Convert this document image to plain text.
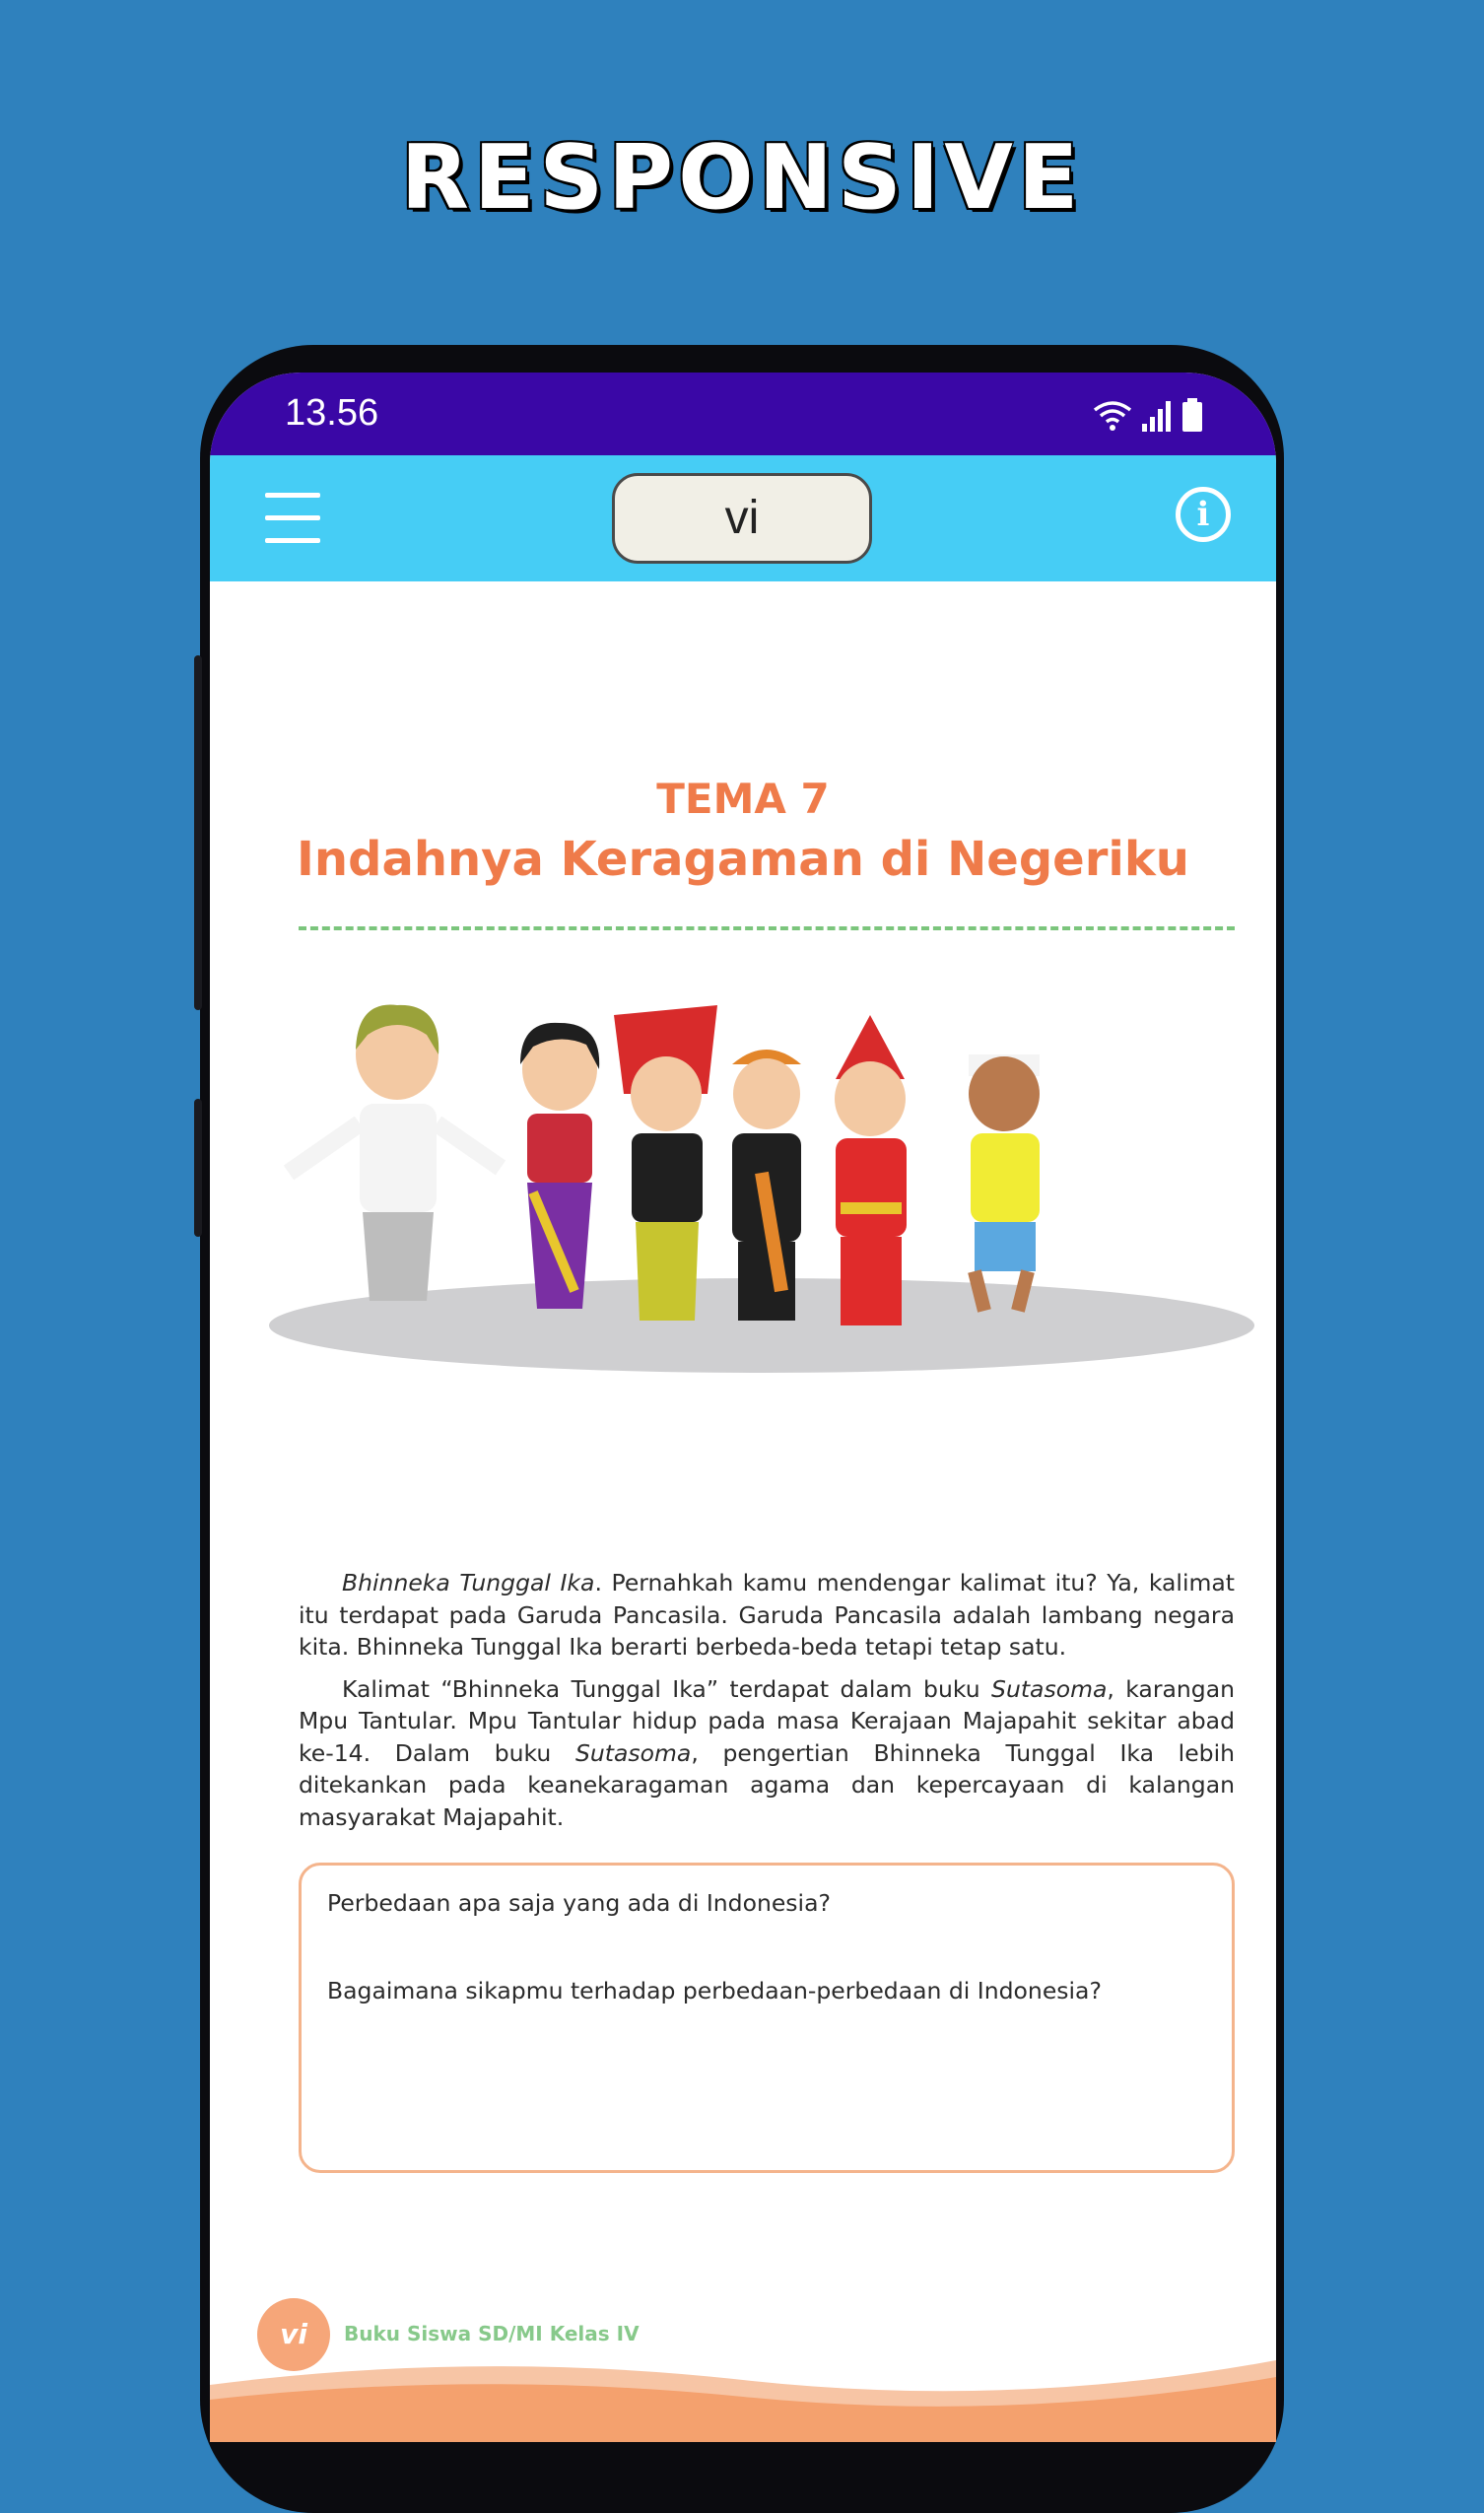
RESPONSIVE
13.56
vi	i
TEMA 7
Indahnya Keragaman di Negeriku

Bhinneka Tunggal Ika. Pernahkah kamu mendengar kalimat itu? Ya, kalimat itu terdapat pada Garuda Pancasila. Garuda Pancasila adalah lambang negara kita. Bhinneka Tunggal Ika berarti berbeda-beda tetapi tetap satu.

Kalimat “Bhinneka Tunggal Ika” terdapat dalam buku Sutasoma, karangan Mpu Tantular. Mpu Tantular hidup pada masa Kerajaan Majapahit sekitar abad ke-14. Dalam buku Sutasoma, pengertian Bhinneka Tunggal Ika lebih ditekankan pada keanekaragaman agama dan kepercayaan di kalangan masyarakat Majapahit.

Perbedaan apa saja yang ada di Indonesia?
Bagaimana sikapmu terhadap perbedaan-perbedaan di Indonesia?
vi	Buku Siswa SD/MI Kelas IV
